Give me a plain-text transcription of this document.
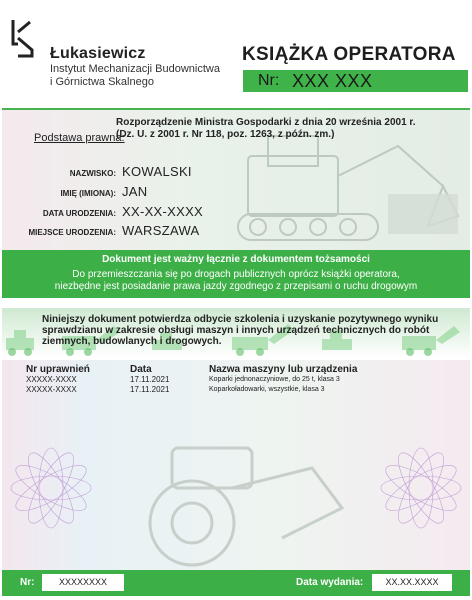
Łukasiewicz
Instytut Mechanizacji Budownictwa
i Górnictwa Skalnego
KSIĄŻKA OPERATORA
Nr: XXX XXX
Rozporządzenie Ministra Gospodarki z dnia 20 września 2001 r.
(Dz. U. z 2001 r. Nr 118, poz. 1263, z późn. zm.)
Podstawa prawna:
NAZWISKO: KOWALSKI
IMIĘ (IMIONA): JAN
DATA URODZENIA: XX-XX-XXXX
MIEJSCE URODZENIA: WARSZAWA
Dokument jest ważny łącznie z dokumentem tożsamości
Do przemieszczania się po drogach publicznych oprócz książki operatora,
niezbędne jest posiadanie prawa jazdy zgodnego z przepisami o ruchu drogowym
Niniejszy dokument potwierdza odbycie szkolenia i uzyskanie pozytywnego wyniku
sprawdzianu w zakresie obsługi maszyn i innych urządzeń technicznych do robót
ziemnych, budowlanych i drogowych.
Nr uprawnień	Data	Nazwa maszyny lub urządzenia
XXXXX-XXXX	17.11.2021	Koparki jednonaczyniowe, do 25 t, klasa 3
XXXXX-XXXX	17.11.2021	Koparkoładowarki, wszystkie, klasa 3
Nr:	XXXXXXXX	Data wydania:	XX.XX.XXXX
